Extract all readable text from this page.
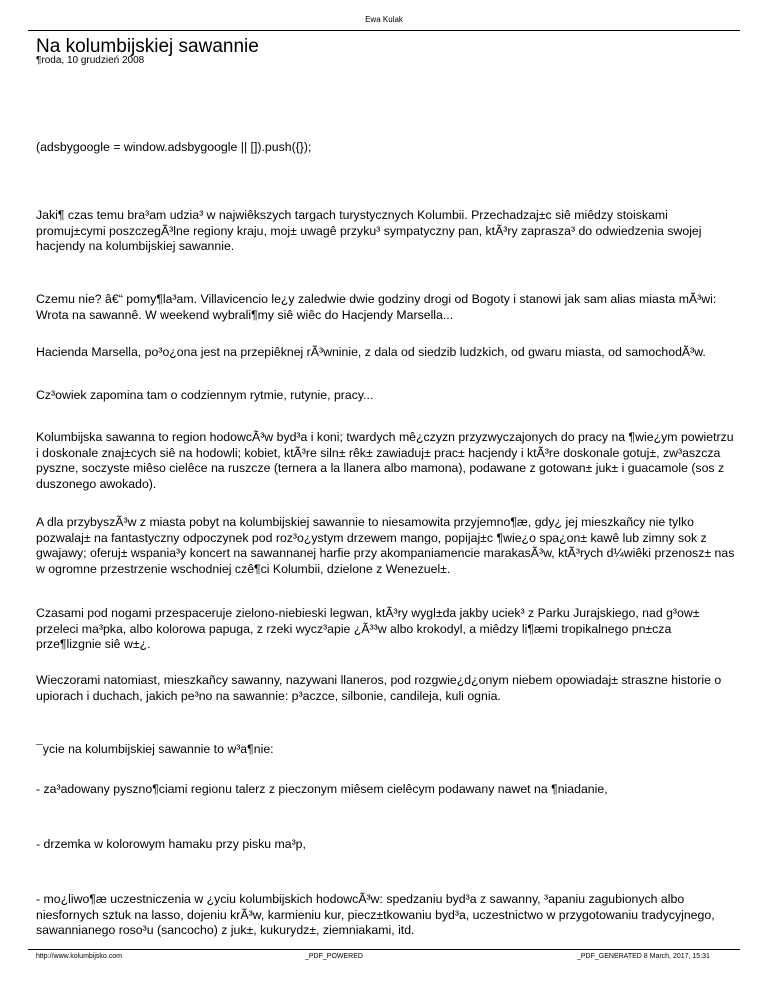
Ewa Kulak
Na kolumbijskiej sawannie
¶roda, 10 grudzień 2008

(adsbygoogle = window.adsbygoogle || []).push({});

Jaki¶ czas temu bra³am udzia³ w najwiêkszych targach turystycznych Kolumbii. Przechadzaj±c siê miêdzy stoiskami promuj±cymi poszczegÃ³lne regiony kraju, moj± uwagê przyku³ sympatyczny pan, ktÃ³ry zaprasza³ do odwiedzenia swojej hacjendy na kolumbijskiej sawannie.

Czemu nie? â€“ pomy¶la³am. Villavicencio le¿y zaledwie dwie godziny drogi od Bogoty i stanowi jak sam alias miasta mÃ³wi: Wrota na sawannê. W weekend wybrali¶my siê wiêc do Hacjendy Marsella...

Hacienda Marsella, po³o¿ona jest na przepiêknej rÃ³wninie, z dala od siedzib ludzkich, od gwaru miasta, od samochodÃ³w.

Cz³owiek zapomina tam o codziennym rytmie, rutynie, pracy...

Kolumbijska sawanna to region hodowcÃ³w byd³a i koni; twardych mê¿czyzn przyzwyczajonych do pracy na ¶wie¿ym powietrzu i doskonale znaj±cych siê na hodowli; kobiet, ktÃ³re siln± rêk± zawiaduj± prac± hacjendy i ktÃ³re doskonale gotuj±, zw³aszcza pyszne, soczyste miêso cielêce na ruszcze (ternera a la llanera albo mamona), podawane z gotowan± juk± i guacamole (sos z duszonego awokado).

A dla przybyszÃ³w z miasta pobyt na kolumbijskiej sawannie to niesamowita przyjemno¶æ, gdy¿ jej mieszkañcy nie tylko pozwalaj± na fantastyczny odpoczynek pod roz³o¿ystym drzewem mango, popijaj±c ¶wie¿o spa¿on± kawê lub zimny sok z gwajawy; oferuj± wspania³y koncert na sawannanej harfie przy akompaniamencie marakasÃ³w, ktÃ³rych d¼wiêki przenosz± nas w ogromne przestrzenie wschodniej czê¶ci Kolumbii, dzielone z Wenezuel±.

Czasami pod nogami przespaceruje zielono-niebieski legwan, ktÃ³ry wygl±da jakby uciek³ z Parku Jurajskiego, nad g³ow± przeleci ma³pka, albo kolorowa papuga, z rzeki wycz³apie ¿Ã³³w albo krokodyl, a miêdzy li¶æmi tropikalnego pn±cza prze¶lizgnie siê w±¿.

Wieczorami natomiast, mieszkañcy sawanny, nazywani llaneros, pod rozgwie¿d¿onym niebem opowiadaj± straszne historie o upiorach i duchach, jakich pe³no na sawannie: p³aczce, silbonie, candileja, kuli ognia.

¯ycie na kolumbijskiej sawannie to w³a¶nie:

- za³adowany pyszno¶ciami regionu talerz z pieczonym miêsem cielêcym podawany nawet na ¶niadanie,

- drzemka w kolorowym hamaku przy pisku ma³p,

- mo¿liwo¶æ uczestniczenia w ¿yciu kolumbijskich hodowcÃ³w: spedzaniu byd³a z sawanny, ³apaniu zagubionych albo niesfornych sztuk na lasso, dojeniu krÃ³w, karmieniu kur, piecz±tkowaniu byd³a, uczestnictwo w przygotowaniu tradycyjnego, sawannianego roso³u (sancocho) z juk±, kukurydz±, ziemniakami, itd.

http://www.kolumbijsko.com	_PDF_POWERED	_PDF_GENERATED 8 March, 2017, 15:31
